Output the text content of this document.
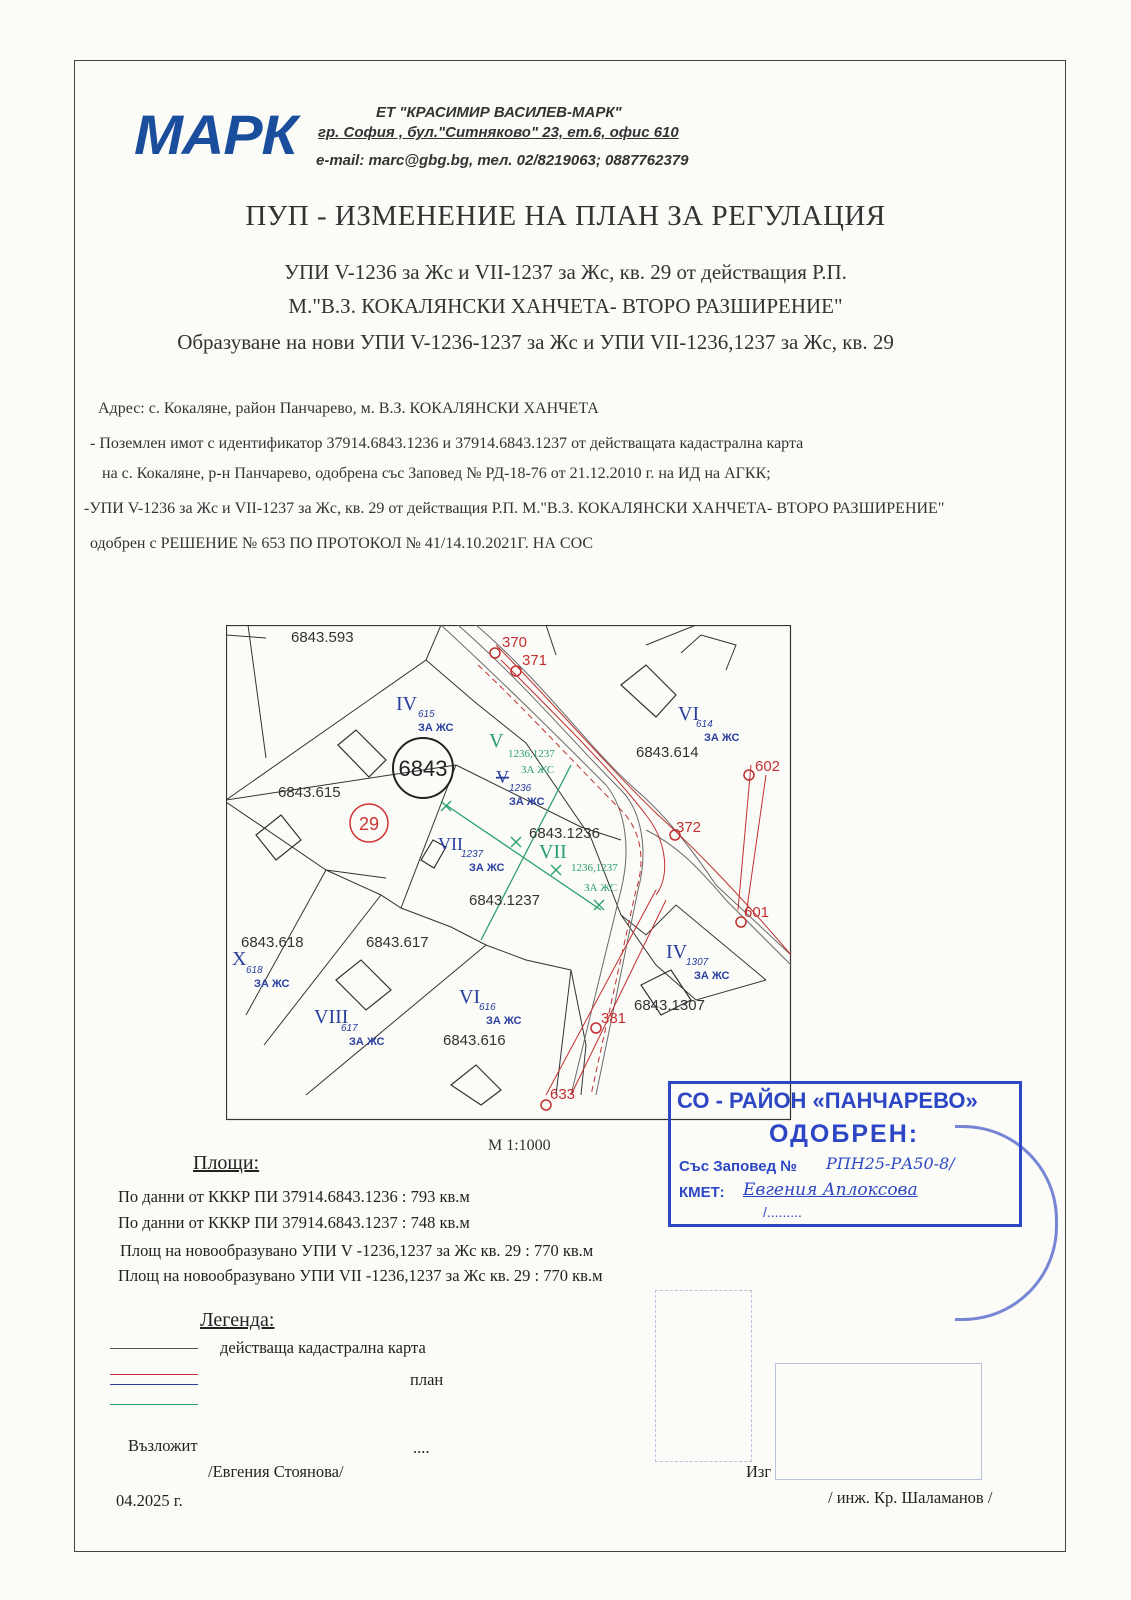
МАРК	ЕТ "КРАСИМИР ВАСИЛЕВ-МАРК"
гр. София , бул."Ситняково" 23, ет.6, офис 610
e-mail: marc@gbg.bg, тел. 02/8219063; 0887762379
ПУП - ИЗМЕНЕНИЕ НА ПЛАН ЗА РЕГУЛАЦИЯ
УПИ V-1236 за Жс и VII-1237 за Жс, кв. 29 от действащия Р.П.
М."В.З. КОКАЛЯНСКИ ХАНЧЕТА- ВТОРО РАЗШИРЕНИЕ"
Образуване на нови УПИ V-1236-1237 за Жс и УПИ VII-1236,1237 за Жс, кв. 29
Адрес: с. Кокаляне, район Панчарево, м. В.З. КОКАЛЯНСКИ ХАНЧЕТА
- Поземлен имот с идентификатор 37914.6843.1236 и 37914.6843.1237 от действащата кадастрална карта
на с. Кокаляне, р-н Панчарево, одобрена със Заповед № РД-18-76 от 21.12.2010 г. на ИД на АГКК;
-УПИ V-1236 за Жс и VII-1237 за Жс, кв. 29 от действащия Р.П. М."В.З. КОКАЛЯНСКИ ХАНЧЕТА- ВТОРО РАЗШИРЕНИЕ"
одобрен с РЕШЕНИЕ № 653 ПО ПРОТОКОЛ № 41/14.10.2021Г. НА СОС
370
371
602
372
601
381
633
6843
29
6843.593
6843.615
6843.618	6843.617
6843.616
6843.614
6843.1236
6843.1237
6843.1307
IV 615
ЗА ЖС
VI
614
ЗА ЖС
VII
1237
ЗА ЖС
V
1236
ЗА ЖС
X
618
ЗА ЖС
VIII
617
ЗА ЖС
VI
616
ЗА ЖС
IV
1307
ЗА ЖС
V
1236,1237
ЗА ЖС
VII
1236,1237
ЗА ЖС
М 1:1000
Площи:
По данни от КККР ПИ 37914.6843.1236 : 793 кв.м
По данни от КККР ПИ 37914.6843.1237 : 748 кв.м
Площ на новообразувано УПИ V -1236,1237 за Жс кв. 29 : 770 кв.м
Площ на новообразувано УПИ VII -1236,1237 за Жс кв. 29 : 770 кв.м
Легенда:
действаща кадастрална карта
план
Възложит	....
/Евгения Стоянова/
04.2025 г.
Изг
/ инж. Кр. Шаламанов /
СО - РАЙОН «ПАНЧАРЕВО»
ОДОБРЕН:
Със Заповед № РПН25-РА50-8/
КМЕТ: Евгения Аплоксова
/.........
